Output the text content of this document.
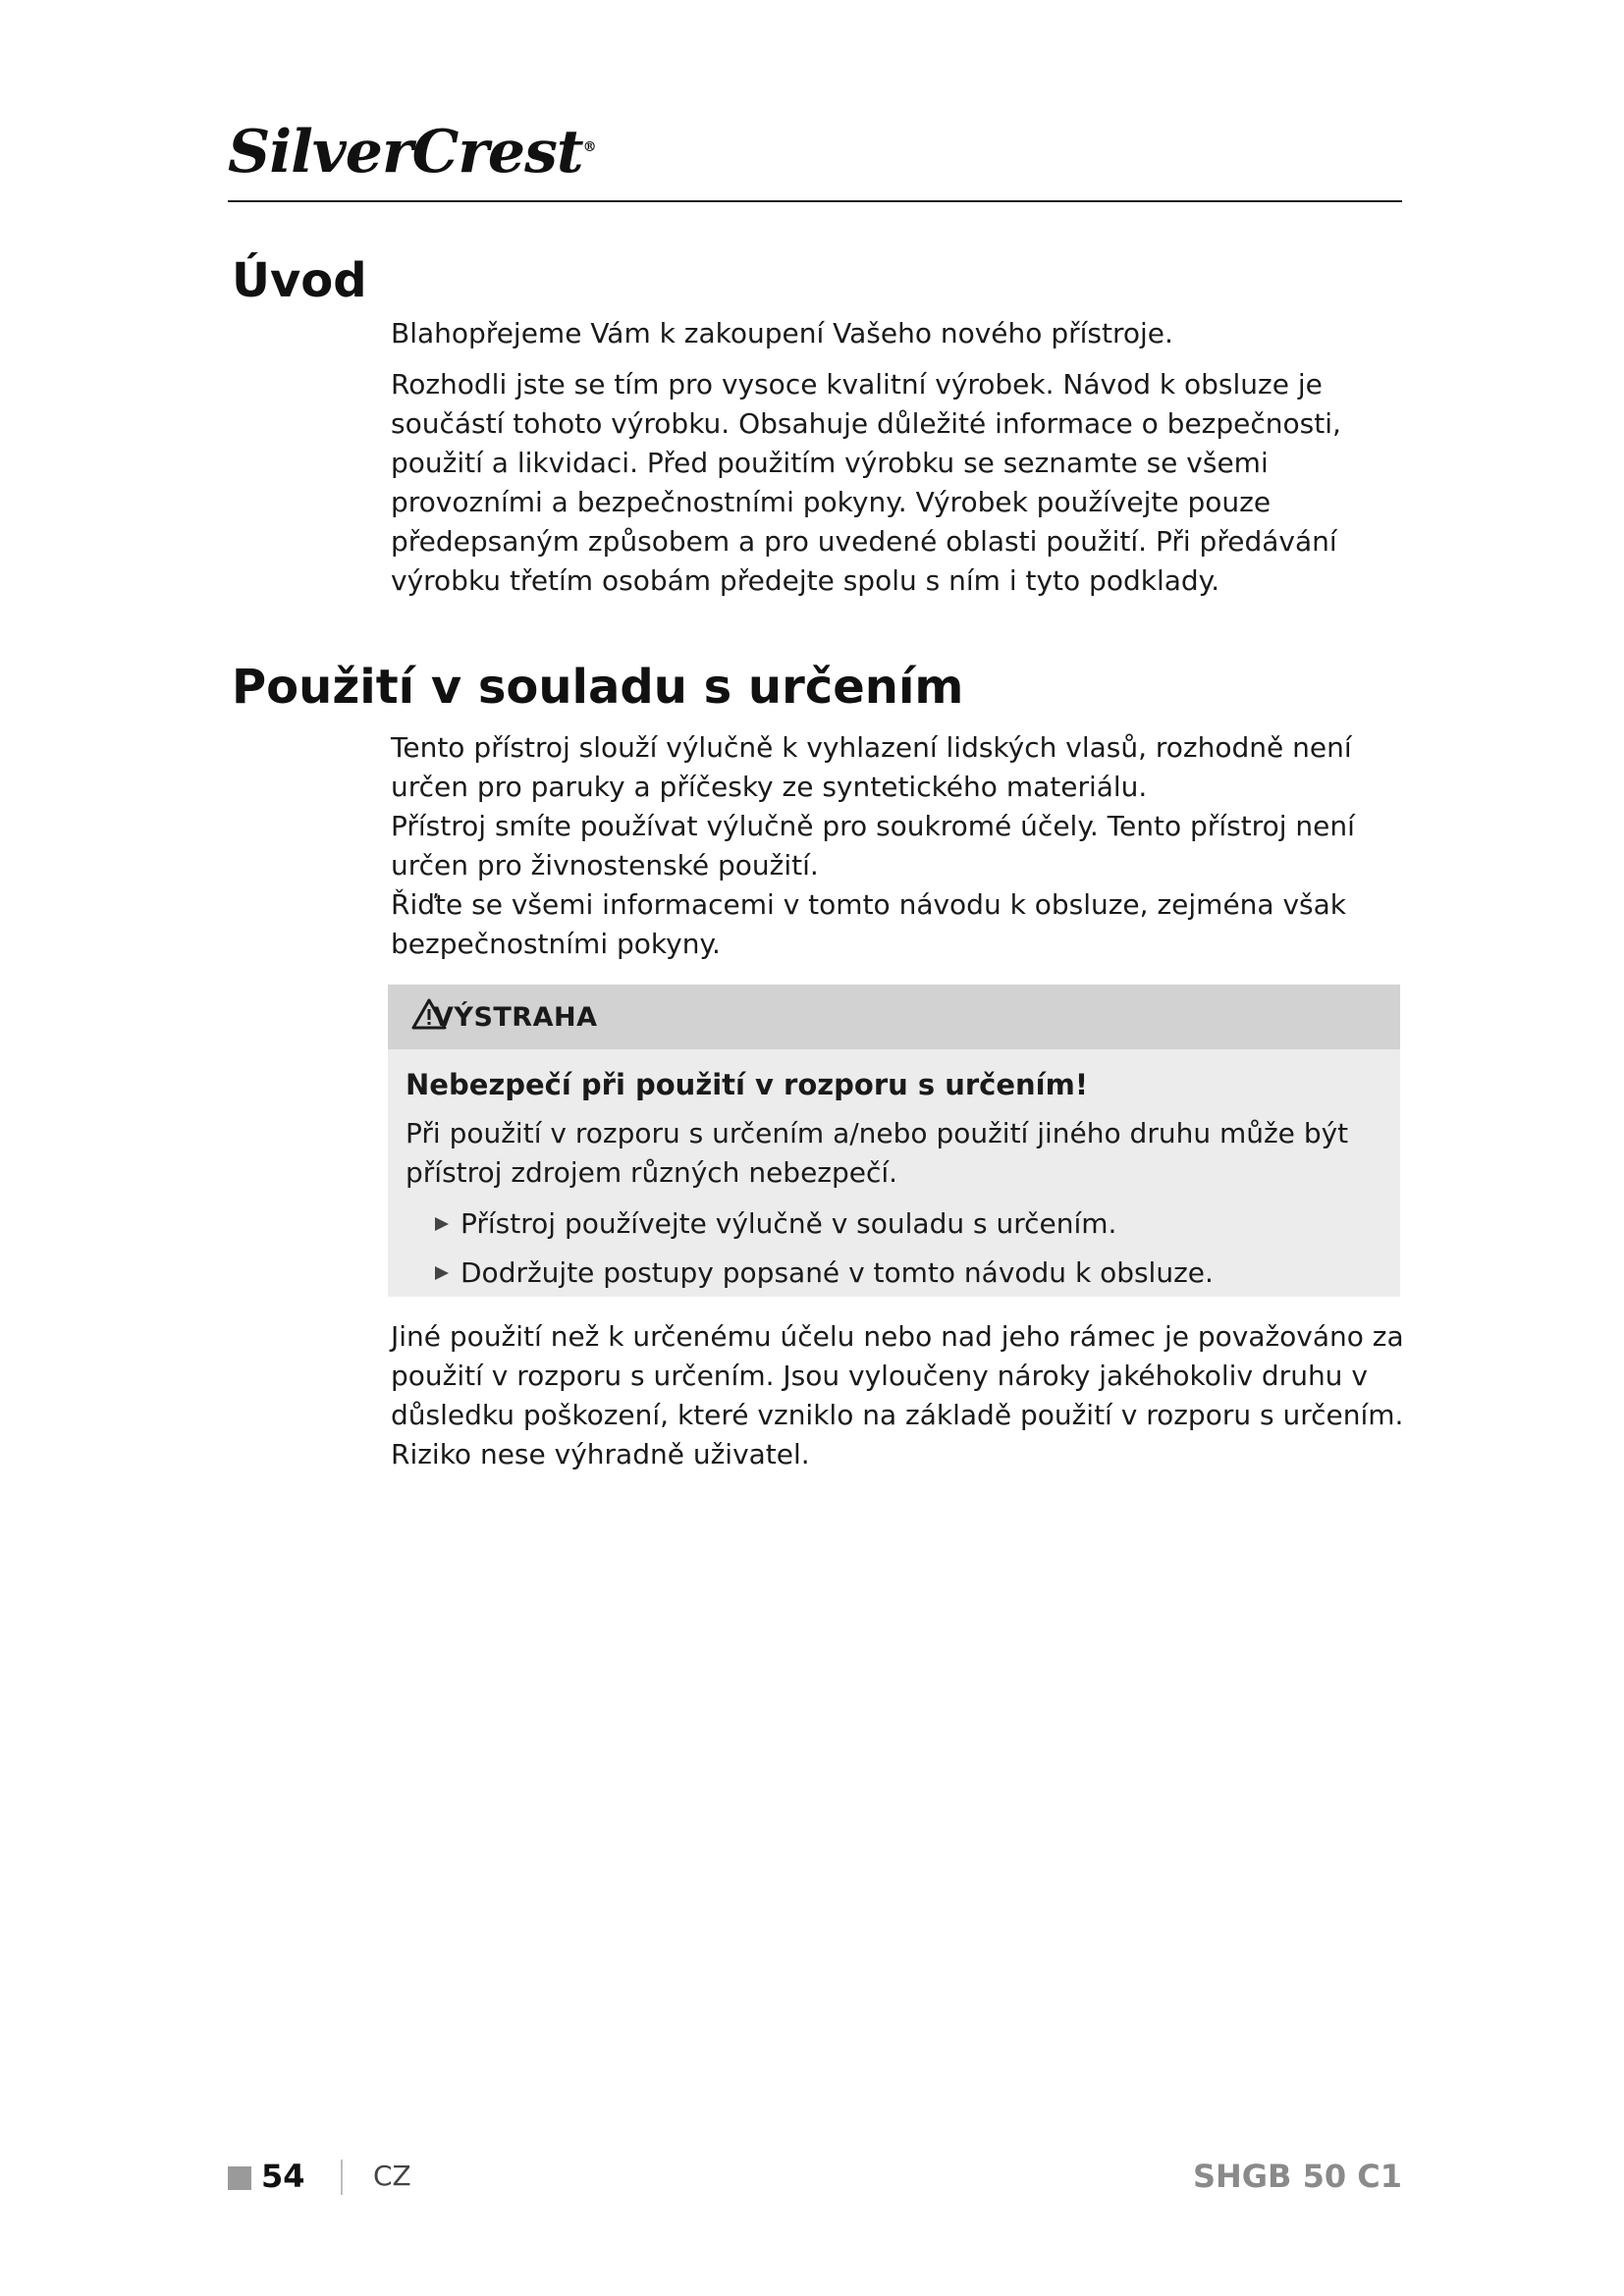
SilverCrest®
Úvod

Blahopřejeme Vám k zakoupení Vašeho nového přístroje.

Rozhodli jste se tím pro vysoce kvalitní výrobek. Návod k obsluze je součástí tohoto výrobku. Obsahuje důležité informace o bezpečnosti, použití a likvidaci. Před použitím výrobku se seznamte se všemi provozními a bezpečnostními pokyny. Výrobek používejte pouze předepsaným způsobem a pro uvedené oblasti použití. Při předávání výrobku třetím osobám předejte spolu s ním i tyto podklady.

Použití v souladu s určením

Tento přístroj slouží výlučně k vyhlazení lidských vlasů, rozhodně není určen pro paruky a příčesky ze syntetického materiálu.

Přístroj smíte používat výlučně pro soukromé účely. Tento přístroj není určen pro živnostenské použití.

Řiďte se všemi informacemi v tomto návodu k obsluze, zejména však bezpečnostními pokyny.

VÝSTRAHA
Nebezpečí při použití v rozporu s určením!

Při použití v rozporu s určením a/nebo použití jiného druhu může být přístroj zdrojem různých nebezpečí.

Přístroj používejte výlučně v souladu s určením.
Dodržujte postupy popsané v tomto návodu k obsluze.

Jiné použití než k určenému účelu nebo nad jeho rámec je považováno za použití v rozporu s určením. Jsou vyloučeny nároky jakéhokoliv druhu v důsledku poškození, které vzniklo na základě použití v rozporu s určením. Riziko nese výhradně uživatel.

54 CZ	SHGB 50 C1
